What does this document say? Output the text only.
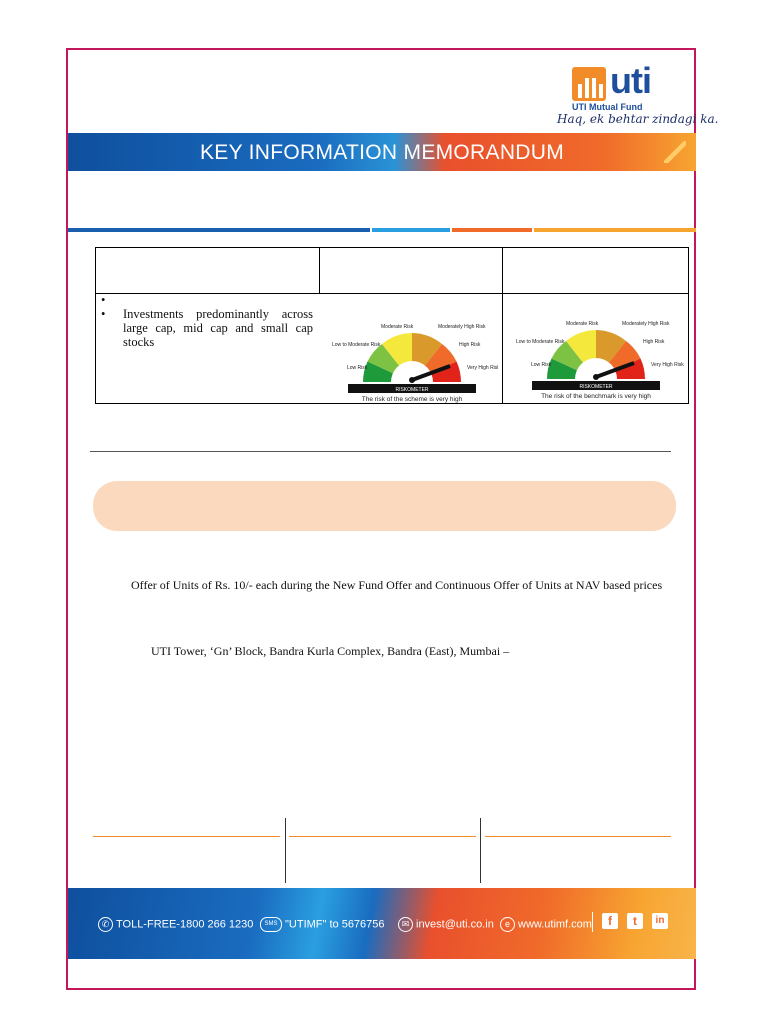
uti
UTI Mutual Fund
Haq, ek behtar zindagi ka.
KEY INFORMATION MEMORANDUM
•
• Investments predominantly across large cap, mid cap and small cap stocks
RISKOMETER
Moderate Risk	Moderately High Risk
Low to Moderate Risk	High Risk
Low Risk	Very High Risk
The risk of the scheme is very high
RISKOMETER
Moderate Risk	Moderately High Risk
Low to Moderate Risk	High Risk
Low Risk	Very High Risk
The risk of the benchmark is very high
Offer of Units of Rs. 10/- each during the New Fund Offer and Continuous Offer of Units at NAV based prices
UTI Tower, ‘Gn’ Block, Bandra Kurla Complex, Bandra (East), Mumbai –
✆ TOLL-FREE-1800 266 1230	SMS "UTIMF" to 5676756	✉ invest@uti.co.in	e www.utimf.com	f	t	in
